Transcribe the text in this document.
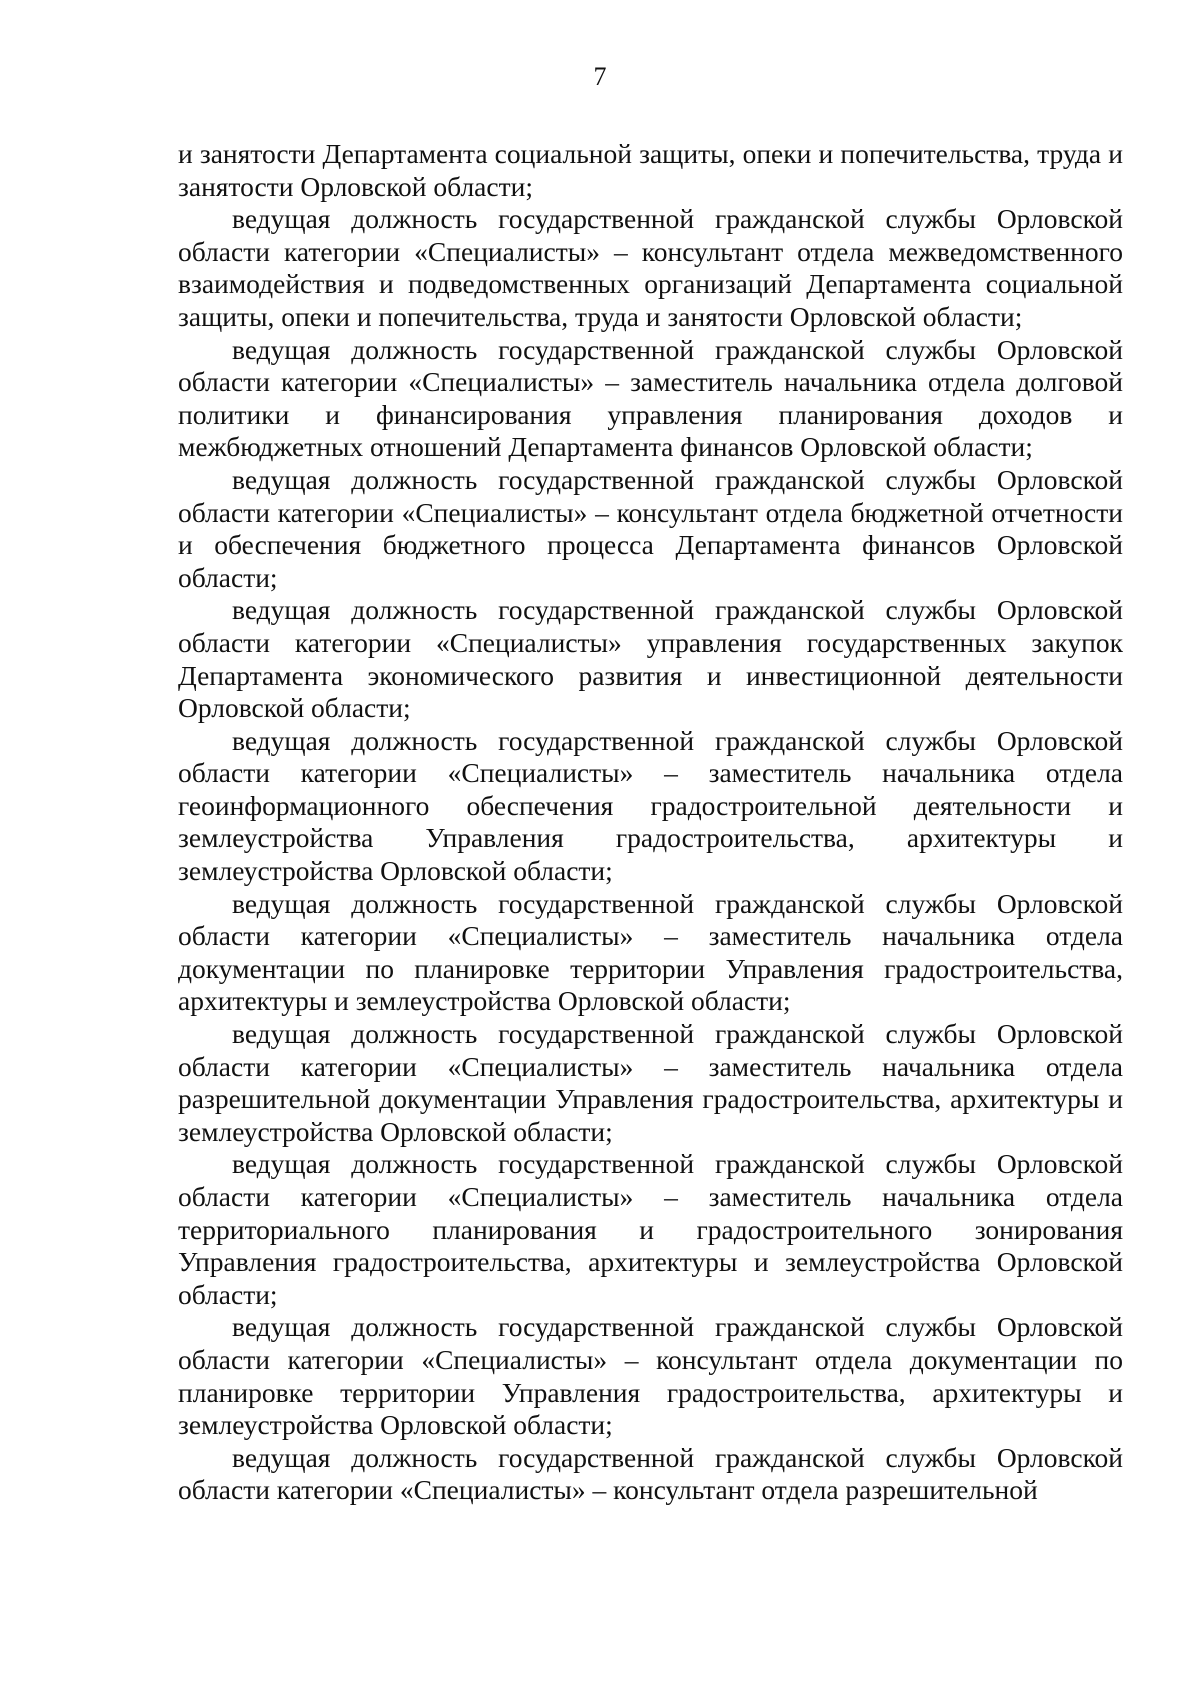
7

и занятости Департамента социальной защиты, опеки и попечительства, труда и занятости Орловской области;

ведущая должность государственной гражданской службы Орловской области категории «Специалисты» – консультант отдела межведомственного взаимодействия и подведомственных организаций Департамента социальной защиты, опеки и попечительства, труда и занятости Орловской области;

ведущая должность государственной гражданской службы Орловской области категории «Специалисты» – заместитель начальника отдела долговой политики и финансирования управления планирования доходов и межбюджетных отношений Департамента финансов Орловской области;

ведущая должность государственной гражданской службы Орловской области категории «Специалисты» – консультант отдела бюджетной отчетности и обеспечения бюджетного процесса Департамента финансов Орловской области;

ведущая должность государственной гражданской службы Орловской области категории «Специалисты» управления государственных закупок Департамента экономического развития и инвестиционной деятельности Орловской области;

ведущая должность государственной гражданской службы Орловской области категории «Специалисты» – заместитель начальника отдела геоинформационного обеспечения градостроительной деятельности и землеустройства Управления градостроительства, архитектуры и землеустройства Орловской области;

ведущая должность государственной гражданской службы Орловской области категории «Специалисты» – заместитель начальника отдела документации по планировке территории Управления градостроительства, архитектуры и землеустройства Орловской области;

ведущая должность государственной гражданской службы Орловской области категории «Специалисты» – заместитель начальника отдела разрешительной документации Управления градостроительства, архитектуры и землеустройства Орловской области;

ведущая должность государственной гражданской службы Орловской области категории «Специалисты» – заместитель начальника отдела территориального планирования и градостроительного зонирования Управления градостроительства, архитектуры и землеустройства Орловской области;

ведущая должность государственной гражданской службы Орловской области категории «Специалисты» – консультант отдела документации по планировке территории Управления градостроительства, архитектуры и землеустройства Орловской области;

ведущая должность государственной гражданской службы Орловской области категории «Специалисты» – консультант отдела разрешительной
